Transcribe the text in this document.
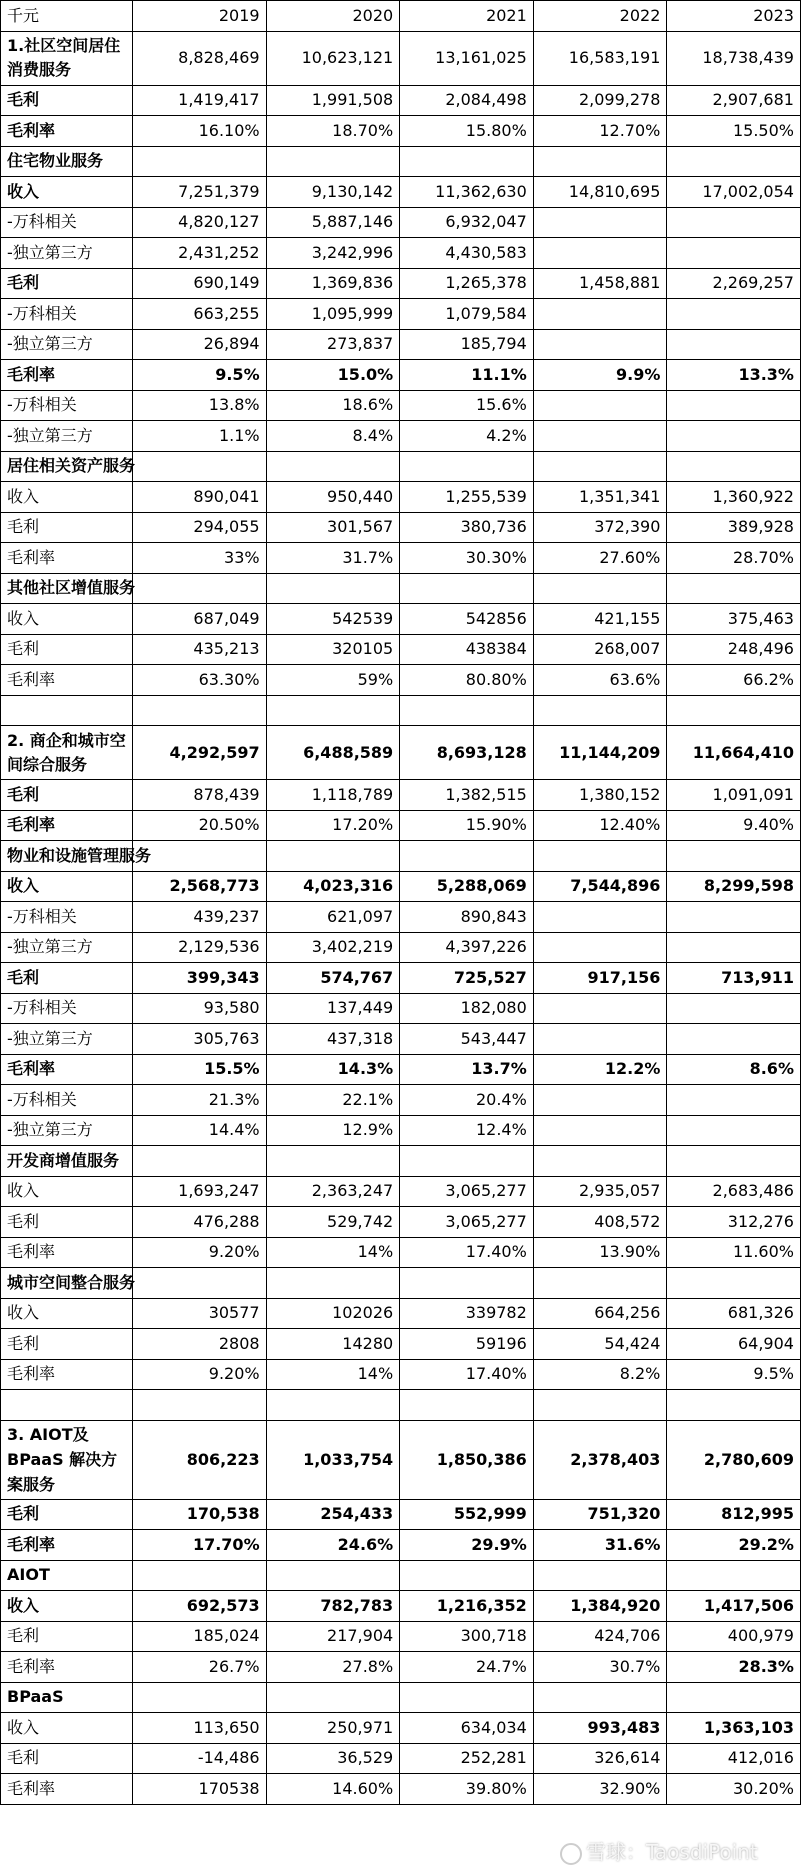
千元	2019	2020	2021	2022	2023
1.社区空间居住消费服务	8,828,469	10,623,121	13,161,025	16,583,191	18,738,439
毛利	1,419,417	1,991,508	2,084,498	2,099,278	2,907,681
毛利率	16.10%	18.70%	15.80%	12.70%	15.50%
住宅物业服务					
收入	7,251,379	9,130,142	11,362,630	14,810,695	17,002,054
-万科相关	4,820,127	5,887,146	6,932,047		
-独立第三方	2,431,252	3,242,996	4,430,583		
毛利	690,149	1,369,836	1,265,378	1,458,881	2,269,257
-万科相关	663,255	1,095,999	1,079,584		
-独立第三方	26,894	273,837	185,794		
毛利率	9.5%	15.0%	11.1%	9.9%	13.3%
-万科相关	13.8%	18.6%	15.6%		
-独立第三方	1.1%	8.4%	4.2%		
居住相关资产服务					
收入	890,041	950,440	1,255,539	1,351,341	1,360,922
毛利	294,055	301,567	380,736	372,390	389,928
毛利率	33%	31.7%	30.30%	27.60%	28.70%
其他社区增值服务					
收入	687,049	542539	542856	421,155	375,463
毛利	435,213	320105	438384	268,007	248,496
毛利率	63.30%	59%	80.80%	63.6%	66.2%

2. 商企和城市空间综合服务	4,292,597	6,488,589	8,693,128	11,144,209	11,664,410
毛利	878,439	1,118,789	1,382,515	1,380,152	1,091,091
毛利率	20.50%	17.20%	15.90%	12.40%	9.40%
物业和设施管理服务					
收入	2,568,773	4,023,316	5,288,069	7,544,896	8,299,598
-万科相关	439,237	621,097	890,843		
-独立第三方	2,129,536	3,402,219	4,397,226		
毛利	399,343	574,767	725,527	917,156	713,911
-万科相关	93,580	137,449	182,080		
-独立第三方	305,763	437,318	543,447		
毛利率	15.5%	14.3%	13.7%	12.2%	8.6%
-万科相关	21.3%	22.1%	20.4%		
-独立第三方	14.4%	12.9%	12.4%		
开发商增值服务					
收入	1,693,247	2,363,247	3,065,277	2,935,057	2,683,486
毛利	476,288	529,742	3,065,277	408,572	312,276
毛利率	9.20%	14%	17.40%	13.90%	11.60%
城市空间整合服务					
收入	30577	102026	339782	664,256	681,326
毛利	2808	14280	59196	54,424	64,904
毛利率	9.20%	14%	17.40%	8.2%	9.5%

3. AIOT及BPaaS 解决方案服务	806,223	1,033,754	1,850,386	2,378,403	2,780,609
毛利	170,538	254,433	552,999	751,320	812,995
毛利率	17.70%	24.6%	29.9%	31.6%	29.2%
AIOT					
收入	692,573	782,783	1,216,352	1,384,920	1,417,506
毛利	185,024	217,904	300,718	424,706	400,979
毛利率	26.7%	27.8%	24.7%	30.7%	28.3%
BPaaS					
收入	113,650	250,971	634,034	993,483	1,363,103
毛利	-14,486	36,529	252,281	326,614	412,016
毛利率	170538	14.60%	39.80%	32.90%	30.20%
雪球：TaosdiPoint
